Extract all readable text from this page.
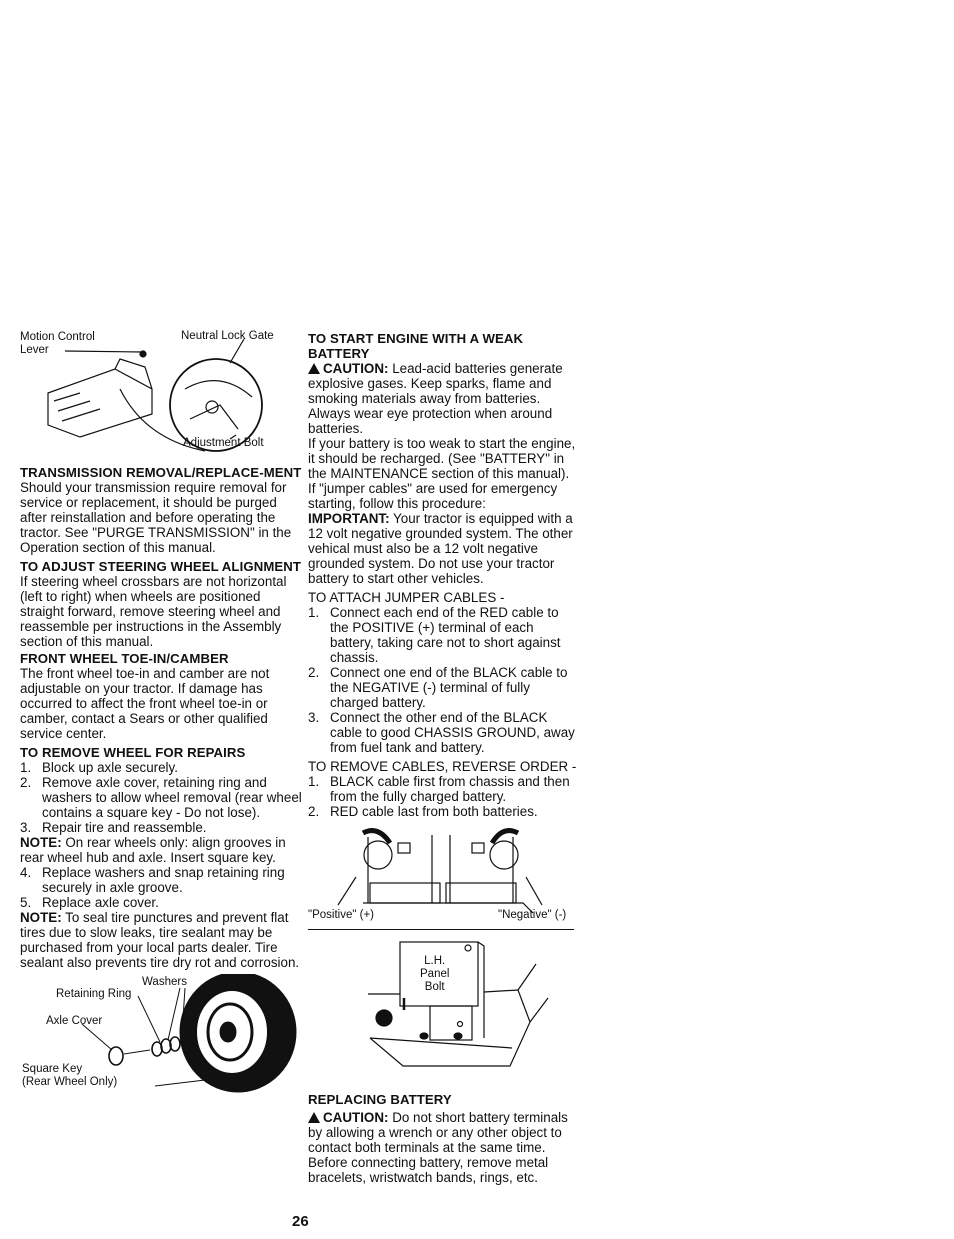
Motion Control
Lever
Neutral Lock Gate
Adjustment Bolt
TRANSMISSION REMOVAL/REPLACE-MENT

Should your transmission require removal for service or replacement, it should be purged after reinstallation and before operating the tractor. See "PURGE TRANSMISSION" in the Operation section of this manual.

TO ADJUST STEERING WHEEL ALIGNMENT

If steering wheel crossbars are not horizontal (left to right) when wheels are positioned straight forward, remove steering wheel and reassemble per instructions in the Assembly section of this manual.

FRONT WHEEL TOE-IN/CAMBER

The front wheel toe-in and camber are not adjustable on your tractor. If damage has occurred to affect the front wheel toe-in or camber, contact a Sears or other qualified service center.

TO REMOVE WHEEL FOR REPAIRS
1. Block up axle securely.
2. Remove axle cover, retaining ring and washers to allow wheel removal (rear wheel contains a square key - Do not lose).
3. Repair tire and reassemble.

NOTE: On rear wheels only: align grooves in rear wheel hub and axle. Insert square key.

4. Replace washers and snap retaining ring securely in axle groove.
5. Replace axle cover.

NOTE: To seal tire punctures and prevent flat tires due to slow leaks, tire sealant may be purchased from your local parts dealer. Tire sealant also prevents tire dry rot and corrosion.

Washers
Retaining Ring
Axle Cover
Square Key
(Rear Wheel Only)
TO START ENGINE WITH A WEAK BATTERY

CAUTION: Lead-acid batteries generate explosive gases. Keep sparks, flame and smoking materials away from batteries. Always wear eye protection when around batteries.

If your battery is too weak to start the engine, it should be recharged. (See "BATTERY" in the MAINTENANCE section of this manual).

If "jumper cables" are used for emergency starting, follow this procedure:

IMPORTANT: Your tractor is equipped with a 12 volt negative grounded system. The other vehical must also be a 12 volt negative grounded system. Do not use your tractor battery to start other vehicles.

TO ATTACH JUMPER CABLES -

1. Connect each end of the RED cable to the POSITIVE (+) terminal of each battery, taking care not to short against chassis.
2. Connect one end of the BLACK cable to the NEGATIVE (-) terminal of fully charged battery.
3. Connect the other end of the BLACK cable to good CHASSIS GROUND, away from fuel tank and battery.

TO REMOVE CABLES, REVERSE ORDER -

1. BLACK cable first from chassis and then from the fully charged battery.
2. RED cable last from both batteries.
"Positive" (+)	"Negative" (-)
L.H.
Panel
Bolt
REPLACING BATTERY

CAUTION: Do not short battery terminals by allowing a wrench or any other object to contact both terminals at the same time. Before connecting battery, remove metal bracelets, wristwatch bands, rings, etc.

26
